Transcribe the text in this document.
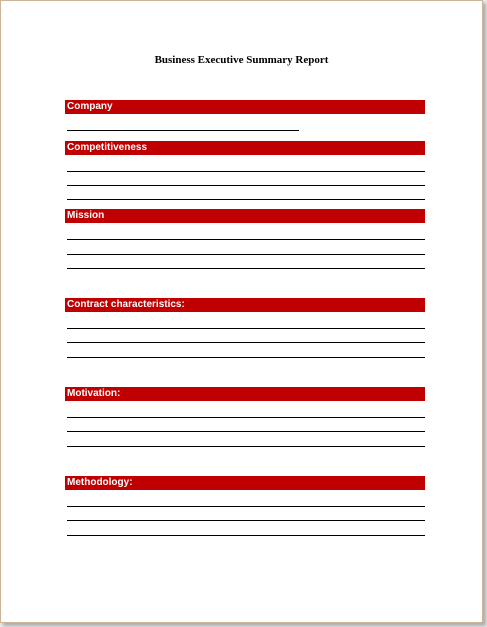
Business Executive Summary Report
Company
Competitiveness
Mission
Contract characteristics:
Motivation:
Methodology:
